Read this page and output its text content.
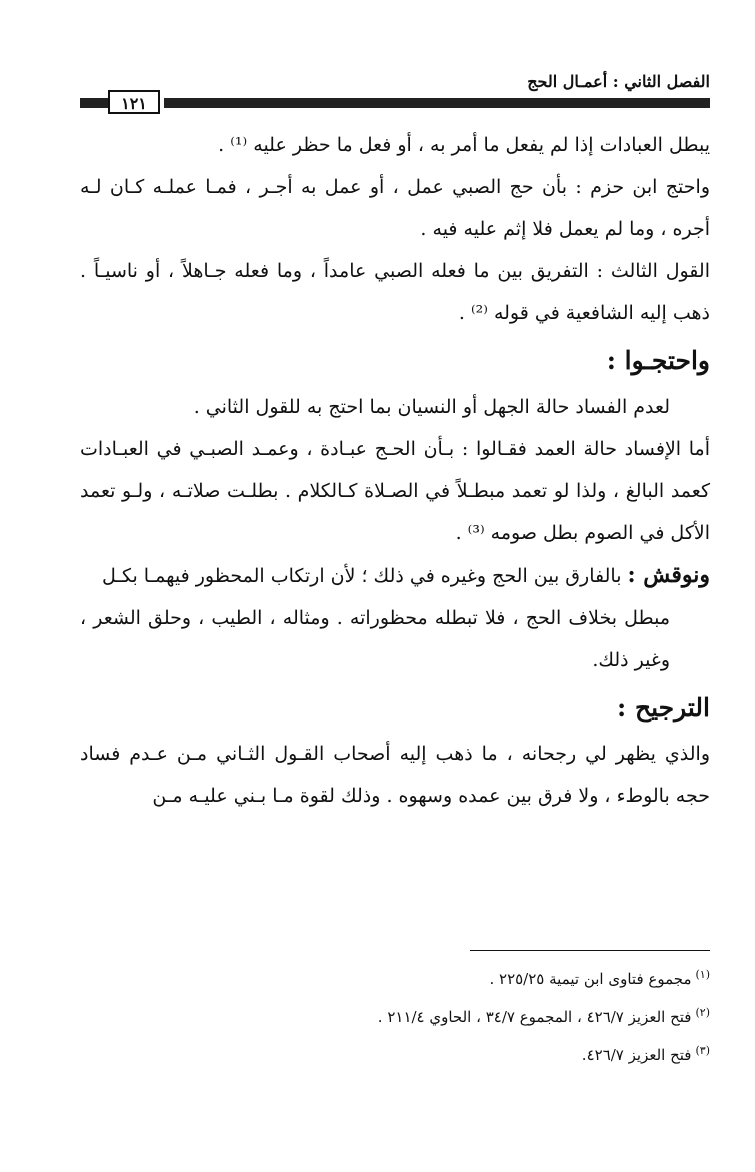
الفصل الثاني : أعمـال الحج
١٢١

يبطل العبادات إذا لم يفعل ما أمر به ، أو فعل ما حظر عليه ⁽¹⁾ .

واحتج ابن حزم : بأن حج الصبي عمل ، أو عمل به أجـر ، فمـا عملـه كـان لـه أجره ، وما لم يعمل فلا إثم عليه فيه .

القول الثالث : التفريق بين ما فعله الصبي عامداً ، وما فعله جـاهلاً ، أو ناسيـاً . ذهب إليه الشافعية في قوله ⁽²⁾ .

واحتجـوا :

لعدم الفساد حالة الجهل أو النسيان بما احتج به للقول الثاني .

أما الإفساد حالة العمد فقـالوا : بـأن الحـج عبـادة ، وعمـد الصبـي في العبـادات كعمد البالغ ، ولذا لو تعمد مبطـلاً في الصـلاة كـالكلام . بطلـت صلاتـه ، ولـو تعمد الأكل في الصوم بطل صومه ⁽³⁾ .

ونوقش : بالفارق بين الحج وغيره في ذلك ؛ لأن ارتكاب المحظور فيهمـا بكـل

مبطل بخلاف الحج ، فلا تبطله محظوراته . ومثاله ، الطيب ، وحلق الشعر ، وغير ذلك.

الترجيح :

والذي يظهر لي رجحانه ، ما ذهب إليه أصحاب القـول الثـاني مـن عـدم فساد حجه بالوطء ، ولا فرق بين عمده وسهوه . وذلك لقوة مـا بـني عليـه مـن

$^{(١)}$مجموع فتاوى ابن تيمية ٢٢٥/٢٥ .

$^{(٢)}$فتح العزيز ٤٢٦/٧ ، المجموع ٣٤/٧ ، الحاوي ٢١١/٤ .

$^{(٣)}$فتح العزيز ٤٢٦/٧.
